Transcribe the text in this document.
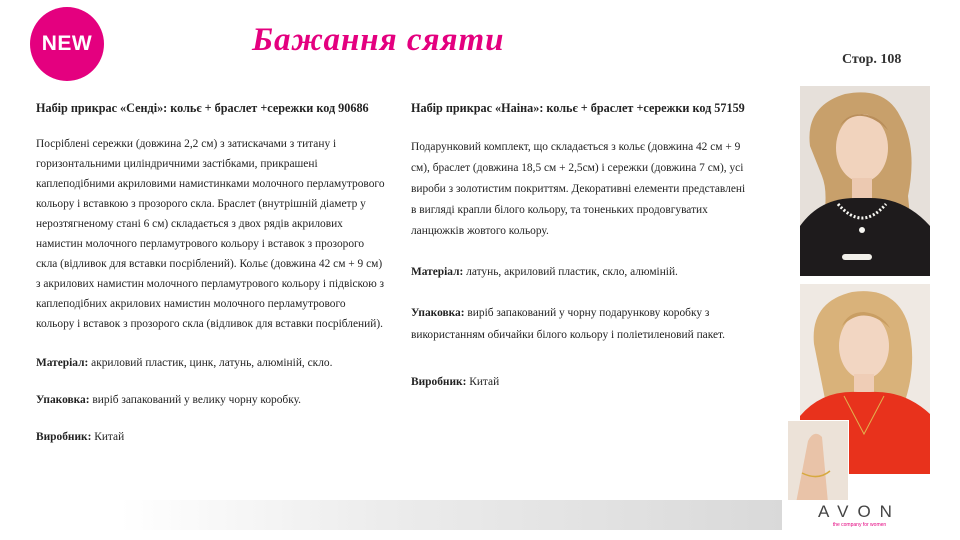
NEW	Бажання сяяти
Стор. 108

Набір прикрас «Сенді»: кольє + браслет +сережки код 90686

Посріблені сережки (довжина 2,2 см) з затискачами з титану і горизонтальними циліндричними застібками, прикрашені каплеподібними акриловими намистинками молочного перламутрового кольору і вставкою з прозорого скла. Браслет (внутрішній діаметр у нерозтягненому стані 6 см) складається з двох рядів акрилових намистин молочного перламутрового кольору і вставок з прозорого скла (відливок для вставки посріблений). Кольє (довжина 42 см + 9 см) з акрилових намистин молочного перламутрового кольору і підвіскою з каплеподібних акрилових намистин молочного перламутрового кольору і вставок з прозорого скла (відливок для вставки посріблений).

Матеріал: акриловий пластик, цинк, латунь, алюміній, скло.

Упаковка: виріб запакований у велику чорну коробку.

Виробник: Китай

Набір прикрас «Наіна»: кольє + браслет +сережки код 57159

Подарунковий комплект, що складається з кольє (довжина 42 см + 9 см), браслет (довжина 18,5 см + 2,5см) і сережки (довжина 7 см), усі вироби з золотистим покриттям. Декоративні елементи представлені в вигляді крапли білого кольору, та тоненьких продовгуватих ланцюжків жовтого кольору.

Матеріал: латунь, акриловий пластик, скло, алюміній.

Упаковка: виріб запакований у чорну подарункову коробку з використанням обичайки білого кольору і поліетиленовий пакет.

Виробник: Китай

AVON
the company for women
